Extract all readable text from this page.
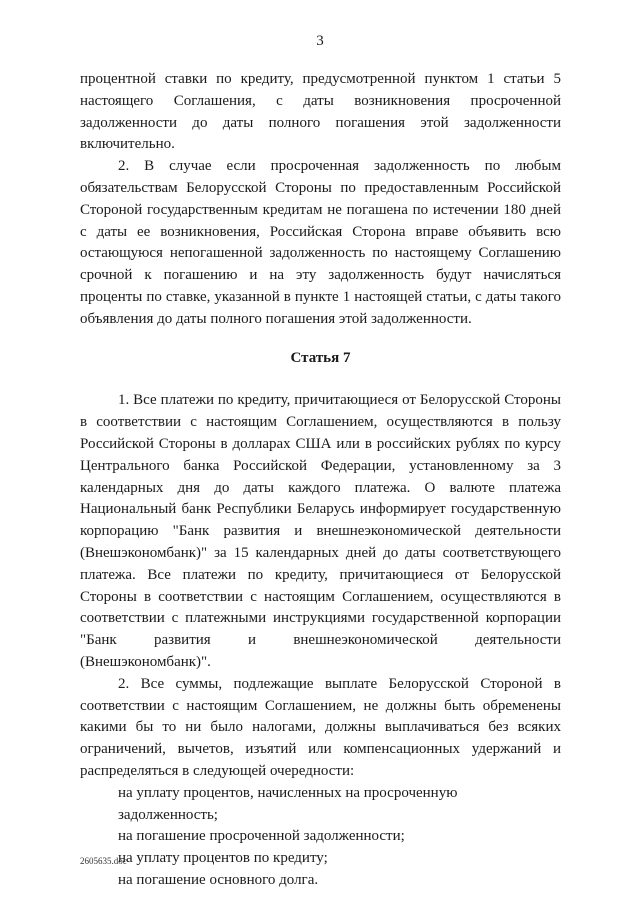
3

процентной ставки по кредиту, предусмотренной пунктом 1 статьи 5 настоящего Соглашения, с даты возникновения просроченной задолженности до даты полного погашения этой задолженности включительно.

2. В случае если просроченная задолженность по любым обязательствам Белорусской Стороны по предоставленным Российской Стороной государственным кредитам не погашена по истечении 180 дней с даты ее возникновения, Российская Сторона вправе объявить всю остающуюся непогашенной задолженность по настоящему Соглашению срочной к погашению и на эту задолженность будут начисляться проценты по ставке, указанной в пункте 1 настоящей статьи, с даты такого объявления до даты полного погашения этой задолженности.

Статья 7

1. Все платежи по кредиту, причитающиеся от Белорусской Стороны в соответствии с настоящим Соглашением, осуществляются в пользу Российской Стороны в долларах США или в российских рублях по курсу Центрального банка Российской Федерации, установленному за 3 календарных дня до даты каждого платежа. О валюте платежа Национальный банк Республики Беларусь информирует государственную корпорацию "Банк развития и внешнеэкономической деятельности (Внешэкономбанк)" за 15 календарных дней до даты соответствующего платежа. Все платежи по кредиту, причитающиеся от Белорусской Стороны в соответствии с настоящим Соглашением, осуществляются в соответствии с платежными инструкциями государственной корпорации "Банк развития и внешнеэкономической деятельности (Внешэкономбанк)".

2. Все суммы, подлежащие выплате Белорусской Стороной в соответствии с настоящим Соглашением, не должны быть обременены какими бы то ни было налогами, должны выплачиваться без всяких ограничений, вычетов, изъятий или компенсационных удержаний и распределяться в следующей очередности:

на уплату процентов, начисленных на просроченную задолженность;

на погашение просроченной задолженности;

на уплату процентов по кредиту;

на погашение основного долга.

2605635.doc
